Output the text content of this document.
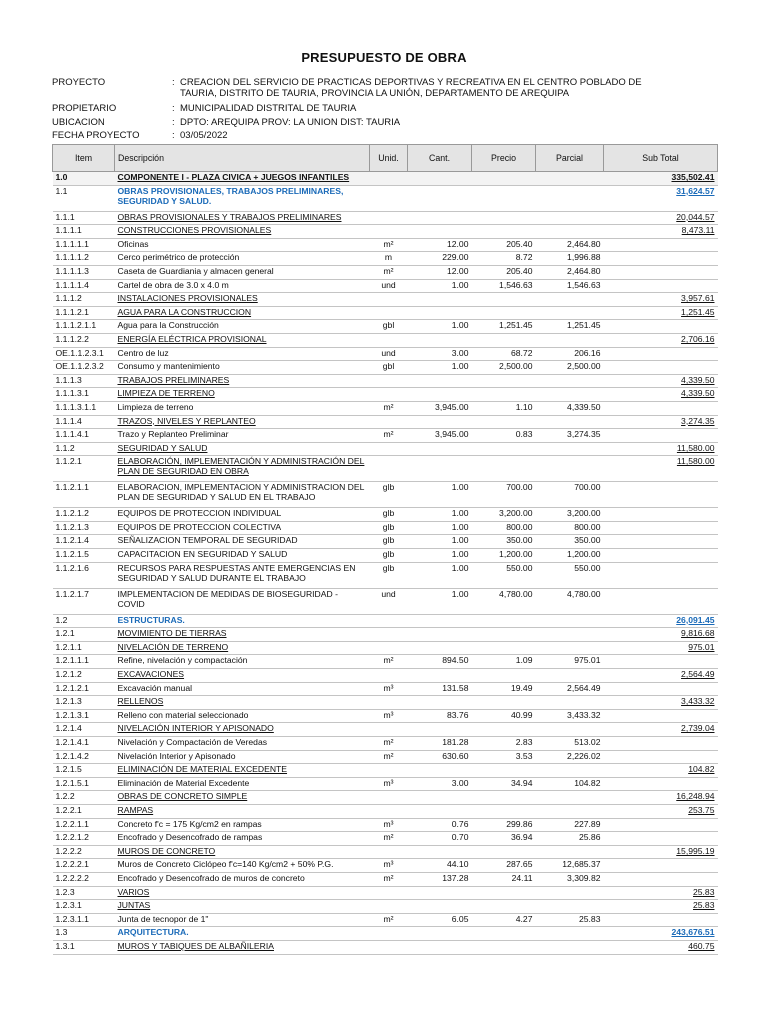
PRESUPUESTO DE OBRA
PROYECTO	: CREACION DEL SERVICIO DE PRACTICAS DEPORTIVAS Y RECREATIVA EN EL CENTRO POBLADO DE TAURIA, DISTRITO DE TAURIA, PROVINCIA LA UNIÓN, DEPARTAMENTO DE AREQUIPA
PROPIETARIO	: MUNICIPALIDAD DISTRITAL DE TAURIA
UBICACION	: DPTO: AREQUIPA PROV: LA UNION DIST: TAURIA
FECHA PROYECTO	: 03/05/2022
Item	Descripción	Unid.	Cant.	Precio	Parcial	Sub Total
1.0	COMPONENTE I - PLAZA CIVICA + JUEGOS INFANTILES					335,502.41
1.1	OBRAS PROVISIONALES, TRABAJOS PRELIMINARES, SEGURIDAD Y SALUD.					31,624.57
1.1.1	OBRAS PROVISIONALES Y TRABAJOS PRELIMINARES					20,044.57
1.1.1.1	CONSTRUCCIONES PROVISIONALES					8,473.11
1.1.1.1.1	Oficinas	m²	12.00	205.40	2,464.80	
1.1.1.1.2	Cerco perimétrico de protección	m	229.00	8.72	1,996.88	
1.1.1.1.3	Caseta de Guardiania y almacen general	m²	12.00	205.40	2,464.80	
1.1.1.1.4	Cartel de obra de 3.0 x 4.0 m	und	1.00	1,546.63	1,546.63	
1.1.1.2	INSTALACIONES PROVISIONALES					3,957.61
1.1.1.2.1	AGUA PARA LA CONSTRUCCION					1,251.45
1.1.1.2.1.1	Agua para la Construcción	gbl	1.00	1,251.45	1,251.45	
1.1.1.2.2	ENERGÍA ELÉCTRICA PROVISIONAL					2,706.16
OE.1.1.2.3.1	Centro de luz	und	3.00	68.72	206.16	
OE.1.1.2.3.2	Consumo y mantenimiento	gbl	1.00	2,500.00	2,500.00	
1.1.1.3	TRABAJOS PRELIMINARES					4,339.50
1.1.1.3.1	LIMPIEZA DE TERRENO					4,339.50
1.1.1.3.1.1	Limpieza de terreno	m²	3,945.00	1.10	4,339.50	
1.1.1.4	TRAZOS, NIVELES Y REPLANTEO					3,274.35
1.1.1.4.1	Trazo y Replanteo Preliminar	m²	3,945.00	0.83	3,274.35	
1.1.2	SEGURIDAD Y SALUD					11,580.00
1.1.2.1	ELABORACIÓN, IMPLEMENTACIÓN Y ADMINISTRACIÓN DEL PLAN DE SEGURIDAD EN OBRA					11,580.00
1.1.2.1.1	ELABORACION, IMPLEMENTACION Y ADMINISTRACION DEL PLAN DE SEGURIDAD Y SALUD EN EL TRABAJO	glb	1.00	700.00	700.00	
1.1.2.1.2	EQUIPOS DE PROTECCION INDIVIDUAL	glb	1.00	3,200.00	3,200.00	
1.1.2.1.3	EQUIPOS DE PROTECCION COLECTIVA	glb	1.00	800.00	800.00	
1.1.2.1.4	SEÑALIZACION TEMPORAL DE SEGURIDAD	glb	1.00	350.00	350.00	
1.1.2.1.5	CAPACITACION EN SEGURIDAD Y SALUD	glb	1.00	1,200.00	1,200.00	
1.1.2.1.6	RECURSOS PARA RESPUESTAS ANTE EMERGENCIAS EN SEGURIDAD Y SALUD DURANTE EL TRABAJO	glb	1.00	550.00	550.00	
1.1.2.1.7	IMPLEMENTACION DE MEDIDAS DE BIOSEGURIDAD - COVID	und	1.00	4,780.00	4,780.00	
1.2	ESTRUCTURAS.					26,091.45
1.2.1	MOVIMIENTO DE TIERRAS					9,816.68
1.2.1.1	NIVELACIÓN DE TERRENO					975.01
1.2.1.1.1	Refine, nivelación y compactación	m²	894.50	1.09	975.01	
1.2.1.2	EXCAVACIONES					2,564.49
1.2.1.2.1	Excavación manual	m³	131.58	19.49	2,564.49	
1.2.1.3	RELLENOS					3,433.32
1.2.1.3.1	Relleno con material seleccionado	m³	83.76	40.99	3,433.32	
1.2.1.4	NIVELACIÓN INTERIOR Y APISONADO					2,739.04
1.2.1.4.1	Nivelación y Compactación de Veredas	m²	181.28	2.83	513.02	
1.2.1.4.2	Nivelación Interior y Apisonado	m²	630.60	3.53	2,226.02	
1.2.1.5	ELIMINACIÓN DE MATERIAL EXCEDENTE					104.82
1.2.1.5.1	Eliminación de Material Excedente	m³	3.00	34.94	104.82	
1.2.2	OBRAS DE CONCRETO SIMPLE					16,248.94
1.2.2.1	RAMPAS					253.75
1.2.2.1.1	Concreto f'c = 175 Kg/cm2 en rampas	m³	0.76	299.86	227.89	
1.2.2.1.2	Encofrado y Desencofrado de rampas	m²	0.70	36.94	25.86	
1.2.2.2	MUROS DE CONCRETO					15,995.19
1.2.2.2.1	Muros de Concreto Ciclópeo f'c=140 Kg/cm2 + 50% P.G.	m³	44.10	287.65	12,685.37	
1.2.2.2.2	Encofrado y Desencofrado de muros de concreto	m²	137.28	24.11	3,309.82	
1.2.3	VARIOS					25.83
1.2.3.1	JUNTAS					25.83
1.2.3.1.1	Junta de tecnopor de 1"	m²	6.05	4.27	25.83	
1.3	ARQUITECTURA.					243,676.51
1.3.1	MUROS Y TABIQUES DE ALBAÑILERIA					460.75
